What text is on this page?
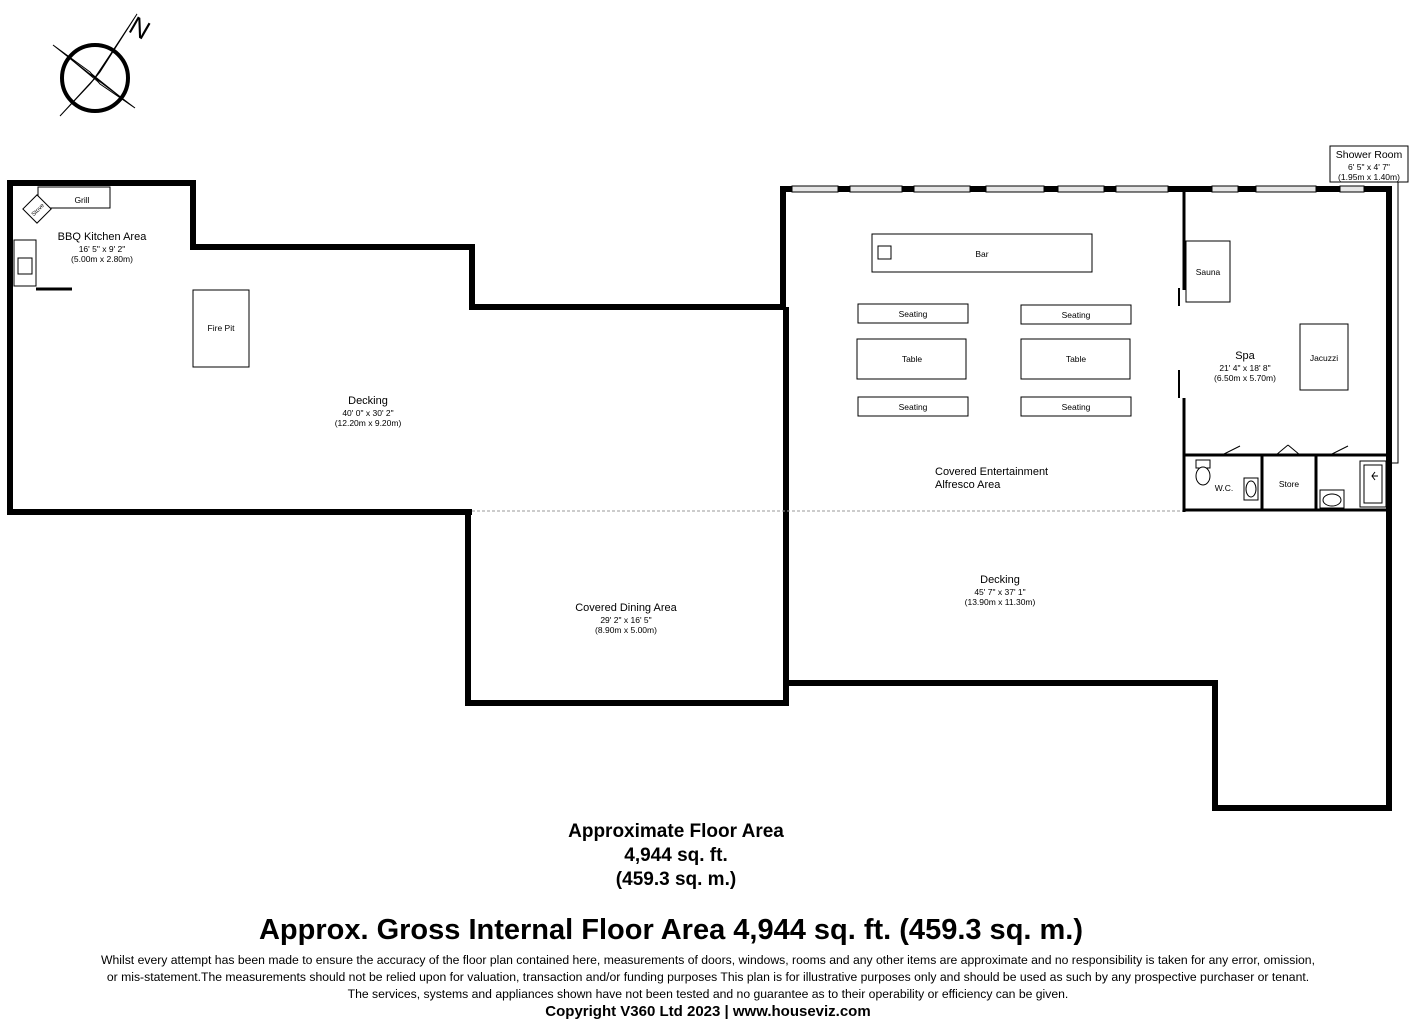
N
Stove
Grill
BBQ Kitchen Area
16' 5" x 9' 2"
(5.00m x 2.80m)
Fire Pit
Decking
40' 0" x 30' 2"
(12.20m x 9.20m)
Covered Dining Area
29' 2" x 16' 5"
(8.90m x 5.00m)
Bar
Seating	Seating
Table	Table
Seating	Seating
Covered Entertainment
Alfresco Area
Decking
45' 7" x 37' 1"
(13.90m x 11.30m)
Sauna
Jacuzzi
Spa
21' 4" x 18' 8"
(6.50m x 5.70m)
W.C.	Store
Shower Room
6' 5" x 4' 7"
(1.95m x 1.40m)
Approximate Floor Area
4,944 sq. ft.
(459.3 sq. m.)
Approx. Gross Internal Floor Area 4,944 sq. ft. (459.3 sq. m.)
Whilst every attempt has been made to ensure the accuracy of the floor plan contained here, measurements of doors, windows, rooms and any other items are approximate and no responsibility is taken for any error, omission,
or mis-statement.The measurements should not be relied upon for valuation, transaction and/or funding purposes This plan is for illustrative purposes only and should be used as such by any prospective purchaser or tenant.
The services, systems and appliances shown have not been tested and no guarantee as to their operability or efficiency can be given.
Copyright V360 Ltd 2023 | www.houseviz.com
